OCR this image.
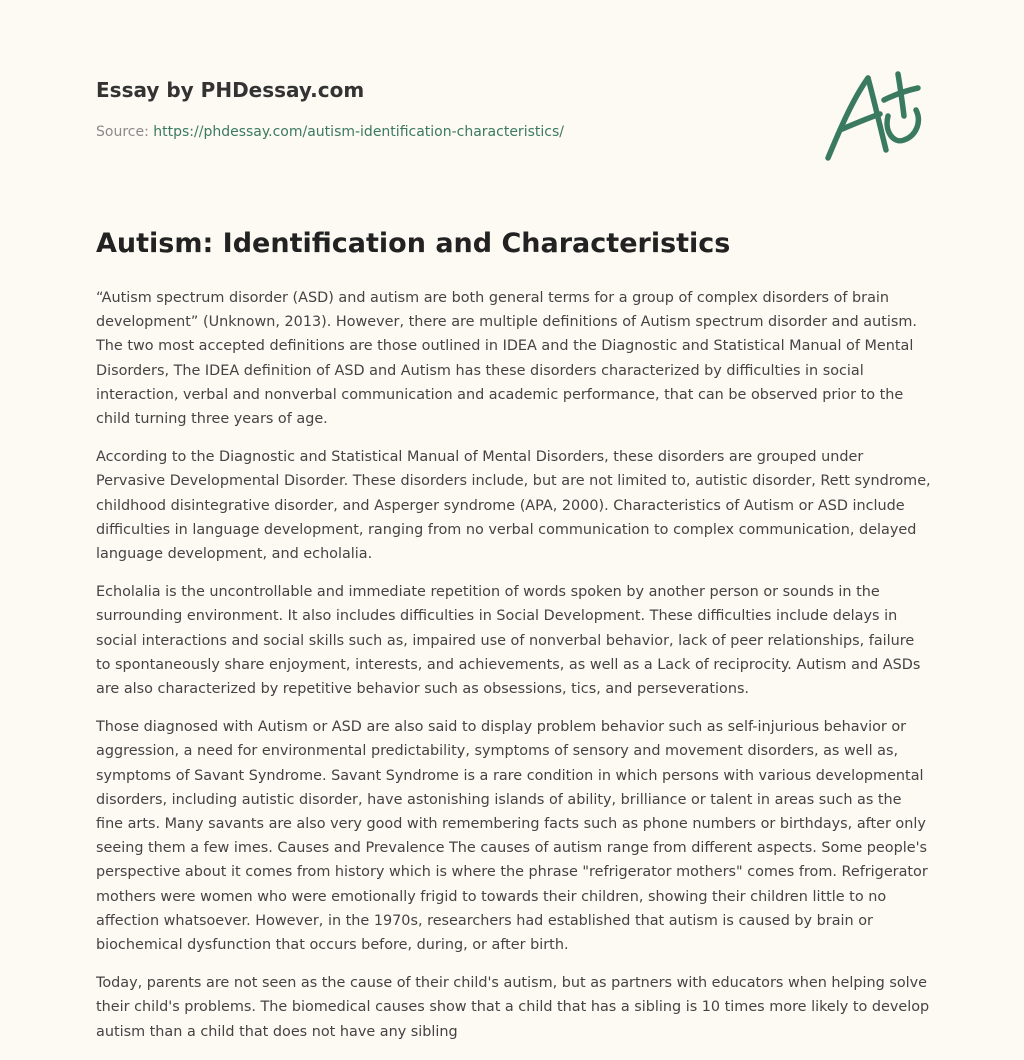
Essay by PHDessay.com
Source: https://phdessay.com/autism-identification-characteristics/
Autism: Identification and Characteristics

“Autism spectrum disorder (ASD) and autism are both general terms for a group of complex disorders of brain development” (Unknown, 2013). However, there are multiple definitions of Autism spectrum disorder and autism. The two most accepted definitions are those outlined in IDEA and the Diagnostic and Statistical Manual of Mental Disorders, The IDEA definition of ASD and Autism has these disorders characterized by difficulties in social interaction, verbal and nonverbal communication and academic performance, that can be observed prior to the child turning three years of age.

According to the Diagnostic and Statistical Manual of Mental Disorders, these disorders are grouped under Pervasive Developmental Disorder. These disorders include, but are not limited to, autistic disorder, Rett syndrome, childhood disintegrative disorder, and Asperger syndrome (APA, 2000). Characteristics of Autism or ASD include difficulties in language development, ranging from no verbal communication to complex communication, delayed language development, and echolalia.

Echolalia is the uncontrollable and immediate repetition of words spoken by another person or sounds in the surrounding environment. It also includes difficulties in Social Development. These difficulties include delays in social interactions and social skills such as, impaired use of nonverbal behavior, lack of peer relationships, failure to spontaneously share enjoyment, interests, and achievements, as well as a Lack of reciprocity. Autism and ASDs are also characterized by repetitive behavior such as obsessions, tics, and perseverations.

Those diagnosed with Autism or ASD are also said to display problem behavior such as self-injurious behavior or aggression, a need for environmental predictability, symptoms of sensory and movement disorders, as well as, symptoms of Savant Syndrome. Savant Syndrome is a rare condition in which persons with various developmental disorders, including autistic disorder, have astonishing islands of ability, brilliance or talent in areas such as the fine arts. Many savants are also very good with remembering facts such as phone numbers or birthdays, after only seeing them a few imes. Causes and Prevalence The causes of autism range from different aspects. Some people's perspective about it comes from history which is where the phrase "refrigerator mothers" comes from. Refrigerator mothers were women who were emotionally frigid to towards their children, showing their children little to no affection whatsoever. However, in the 1970s, researchers had established that autism is caused by brain or biochemical dysfunction that occurs before, during, or after birth.

Today, parents are not seen as the cause of their child's autism, but as partners with educators when helping solve their child's problems. The biomedical causes show that a child that has a sibling is 10 times more likely to develop autism than a child that does not have any sibling
